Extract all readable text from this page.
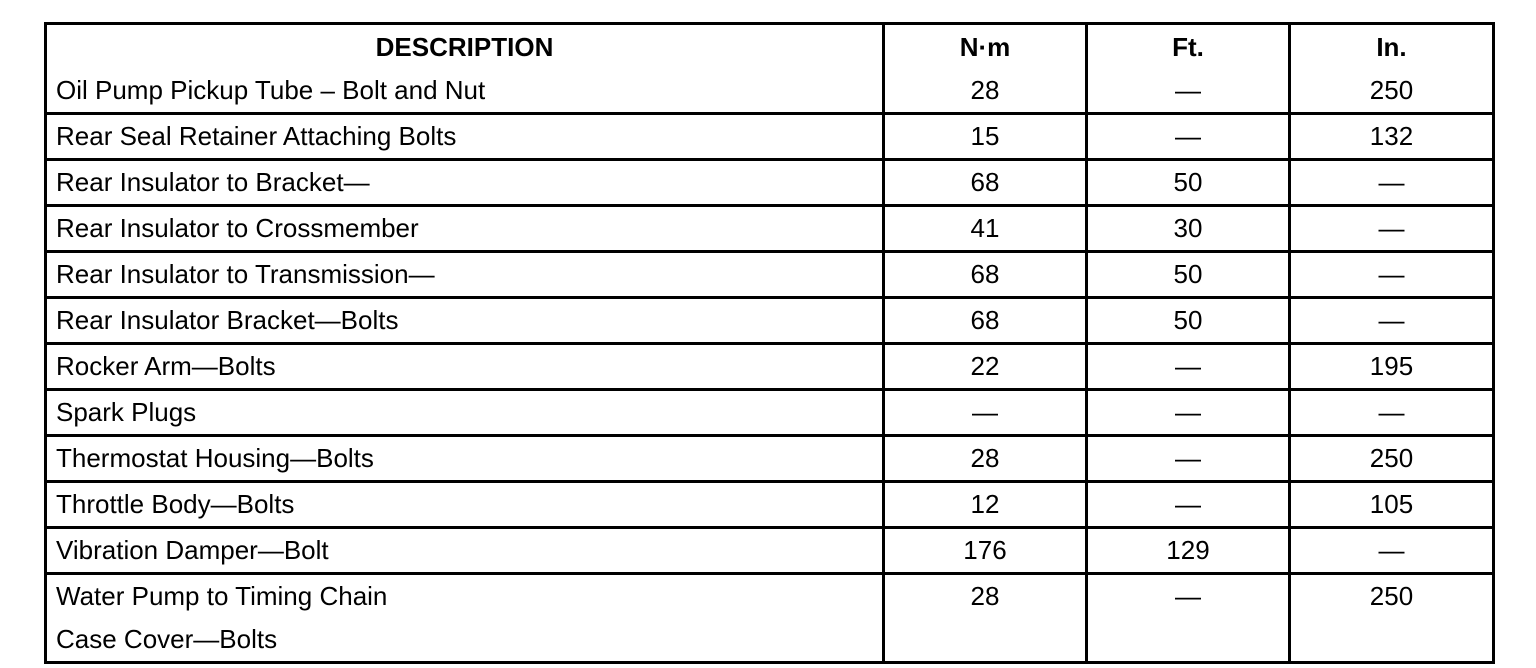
DESCRIPTION	N·m	Ft.	In.
Oil Pump Pickup Tube – Bolt and Nut	28	—	250
Rear Seal Retainer Attaching Bolts	15	—	132
Rear Insulator to Bracket—	68	50	—
Rear Insulator to Crossmember	41	30	—
Rear Insulator to Transmission—	68	50	—
Rear Insulator Bracket—Bolts	68	50	—
Rocker Arm—Bolts	22	—	195
Spark Plugs	—	—	—
Thermostat Housing—Bolts	28	—	250
Throttle Body—Bolts	12	—	105
Vibration Damper—Bolt	176	129	—

Water Pump to Timing Chain
Case Cover—Bolts	28	—	250
